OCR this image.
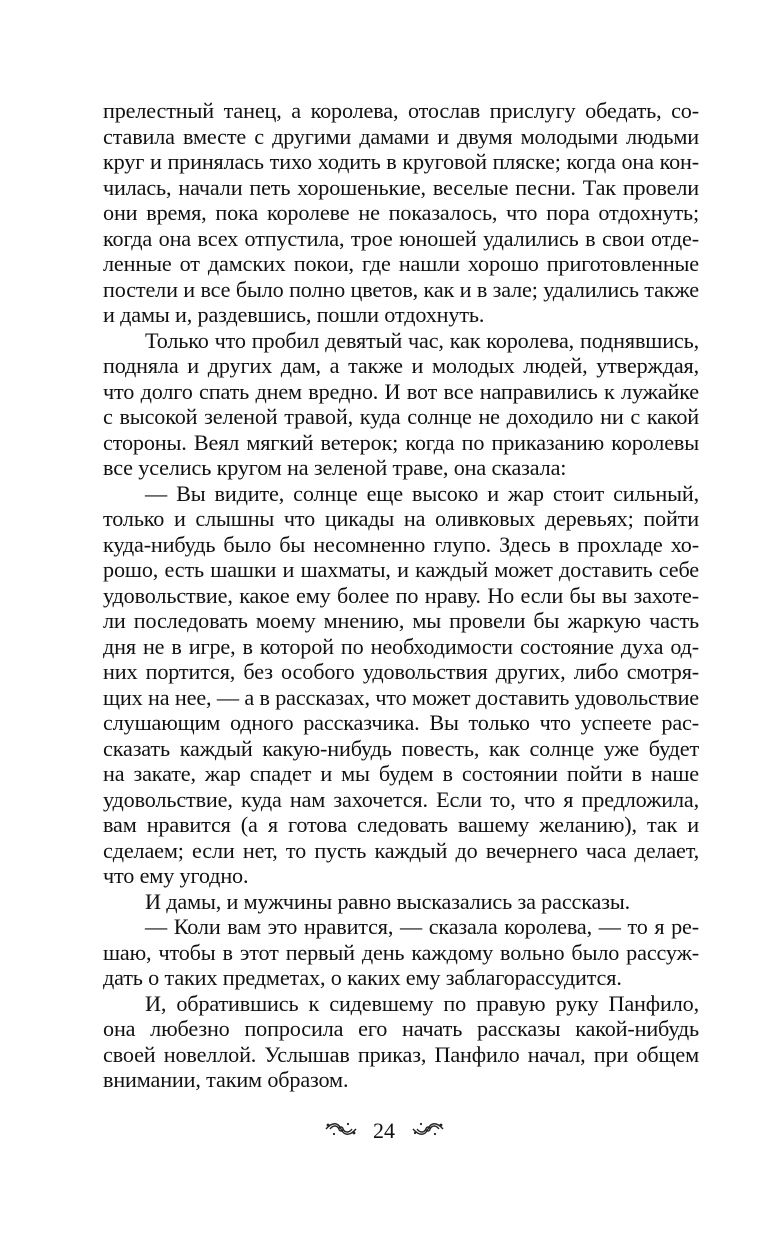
прелестный танец, а королева, отослав прислугу обедать, со-
ставила вместе с другими дамами и двумя молодыми людьми
круг и принялась тихо ходить в круговой пляске; когда она кон-
чилась, начали петь хорошенькие, веселые песни. Так провели
они время, пока королеве не показалось, что пора отдохнуть;
когда она всех отпустила, трое юношей удалились в свои отде-
ленные от дамских покои, где нашли хорошо приготовленные
постели и все было полно цветов, как и в зале; удалились также
и дамы и, раздевшись, пошли отдохнуть.
Только что пробил девятый час, как королева, поднявшись,
подняла и других дам, а также и молодых людей, утверждая,
что долго спать днем вредно. И вот все направились к лужайке
с высокой зеленой травой, куда солнце не доходило ни с какой
стороны. Веял мягкий ветерок; когда по приказанию королевы
все уселись кругом на зеленой траве, она сказала:
— Вы видите, солнце еще высоко и жар стоит сильный,
только и слышны что цикады на оливковых деревьях; пойти
куда-нибудь было бы несомненно глупо. Здесь в прохладе хо-
рошо, есть шашки и шахматы, и каждый может доставить себе
удовольствие, какое ему более по нраву. Но если бы вы захоте-
ли последовать моему мнению, мы провели бы жаркую часть
дня не в игре, в которой по необходимости состояние духа од-
них портится, без особого удовольствия других, либо смотря-
щих на нее, — а в рассказах, что может доставить удовольствие
слушающим одного рассказчика. Вы только что успеете рас-
сказать каждый какую-нибудь повесть, как солнце уже будет
на закате, жар спадет и мы будем в состоянии пойти в наше
удовольствие, куда нам захочется. Если то, что я предложила,
вам нравится (а я готова следовать вашему желанию), так и
сделаем; если нет, то пусть каждый до вечернего часа делает,
что ему угодно.
И дамы, и мужчины равно высказались за рассказы.
— Коли вам это нравится, — сказала королева, — то я ре-
шаю, чтобы в этот первый день каждому вольно было рассуж-
дать о таких предметах, о каких ему заблагорассудится.
И, обратившись к сидевшему по правую руку Панфило,
она любезно попросила его начать рассказы какой-нибудь
своей новеллой. Услышав приказ, Панфило начал, при общем
внимании, таким образом.
24
